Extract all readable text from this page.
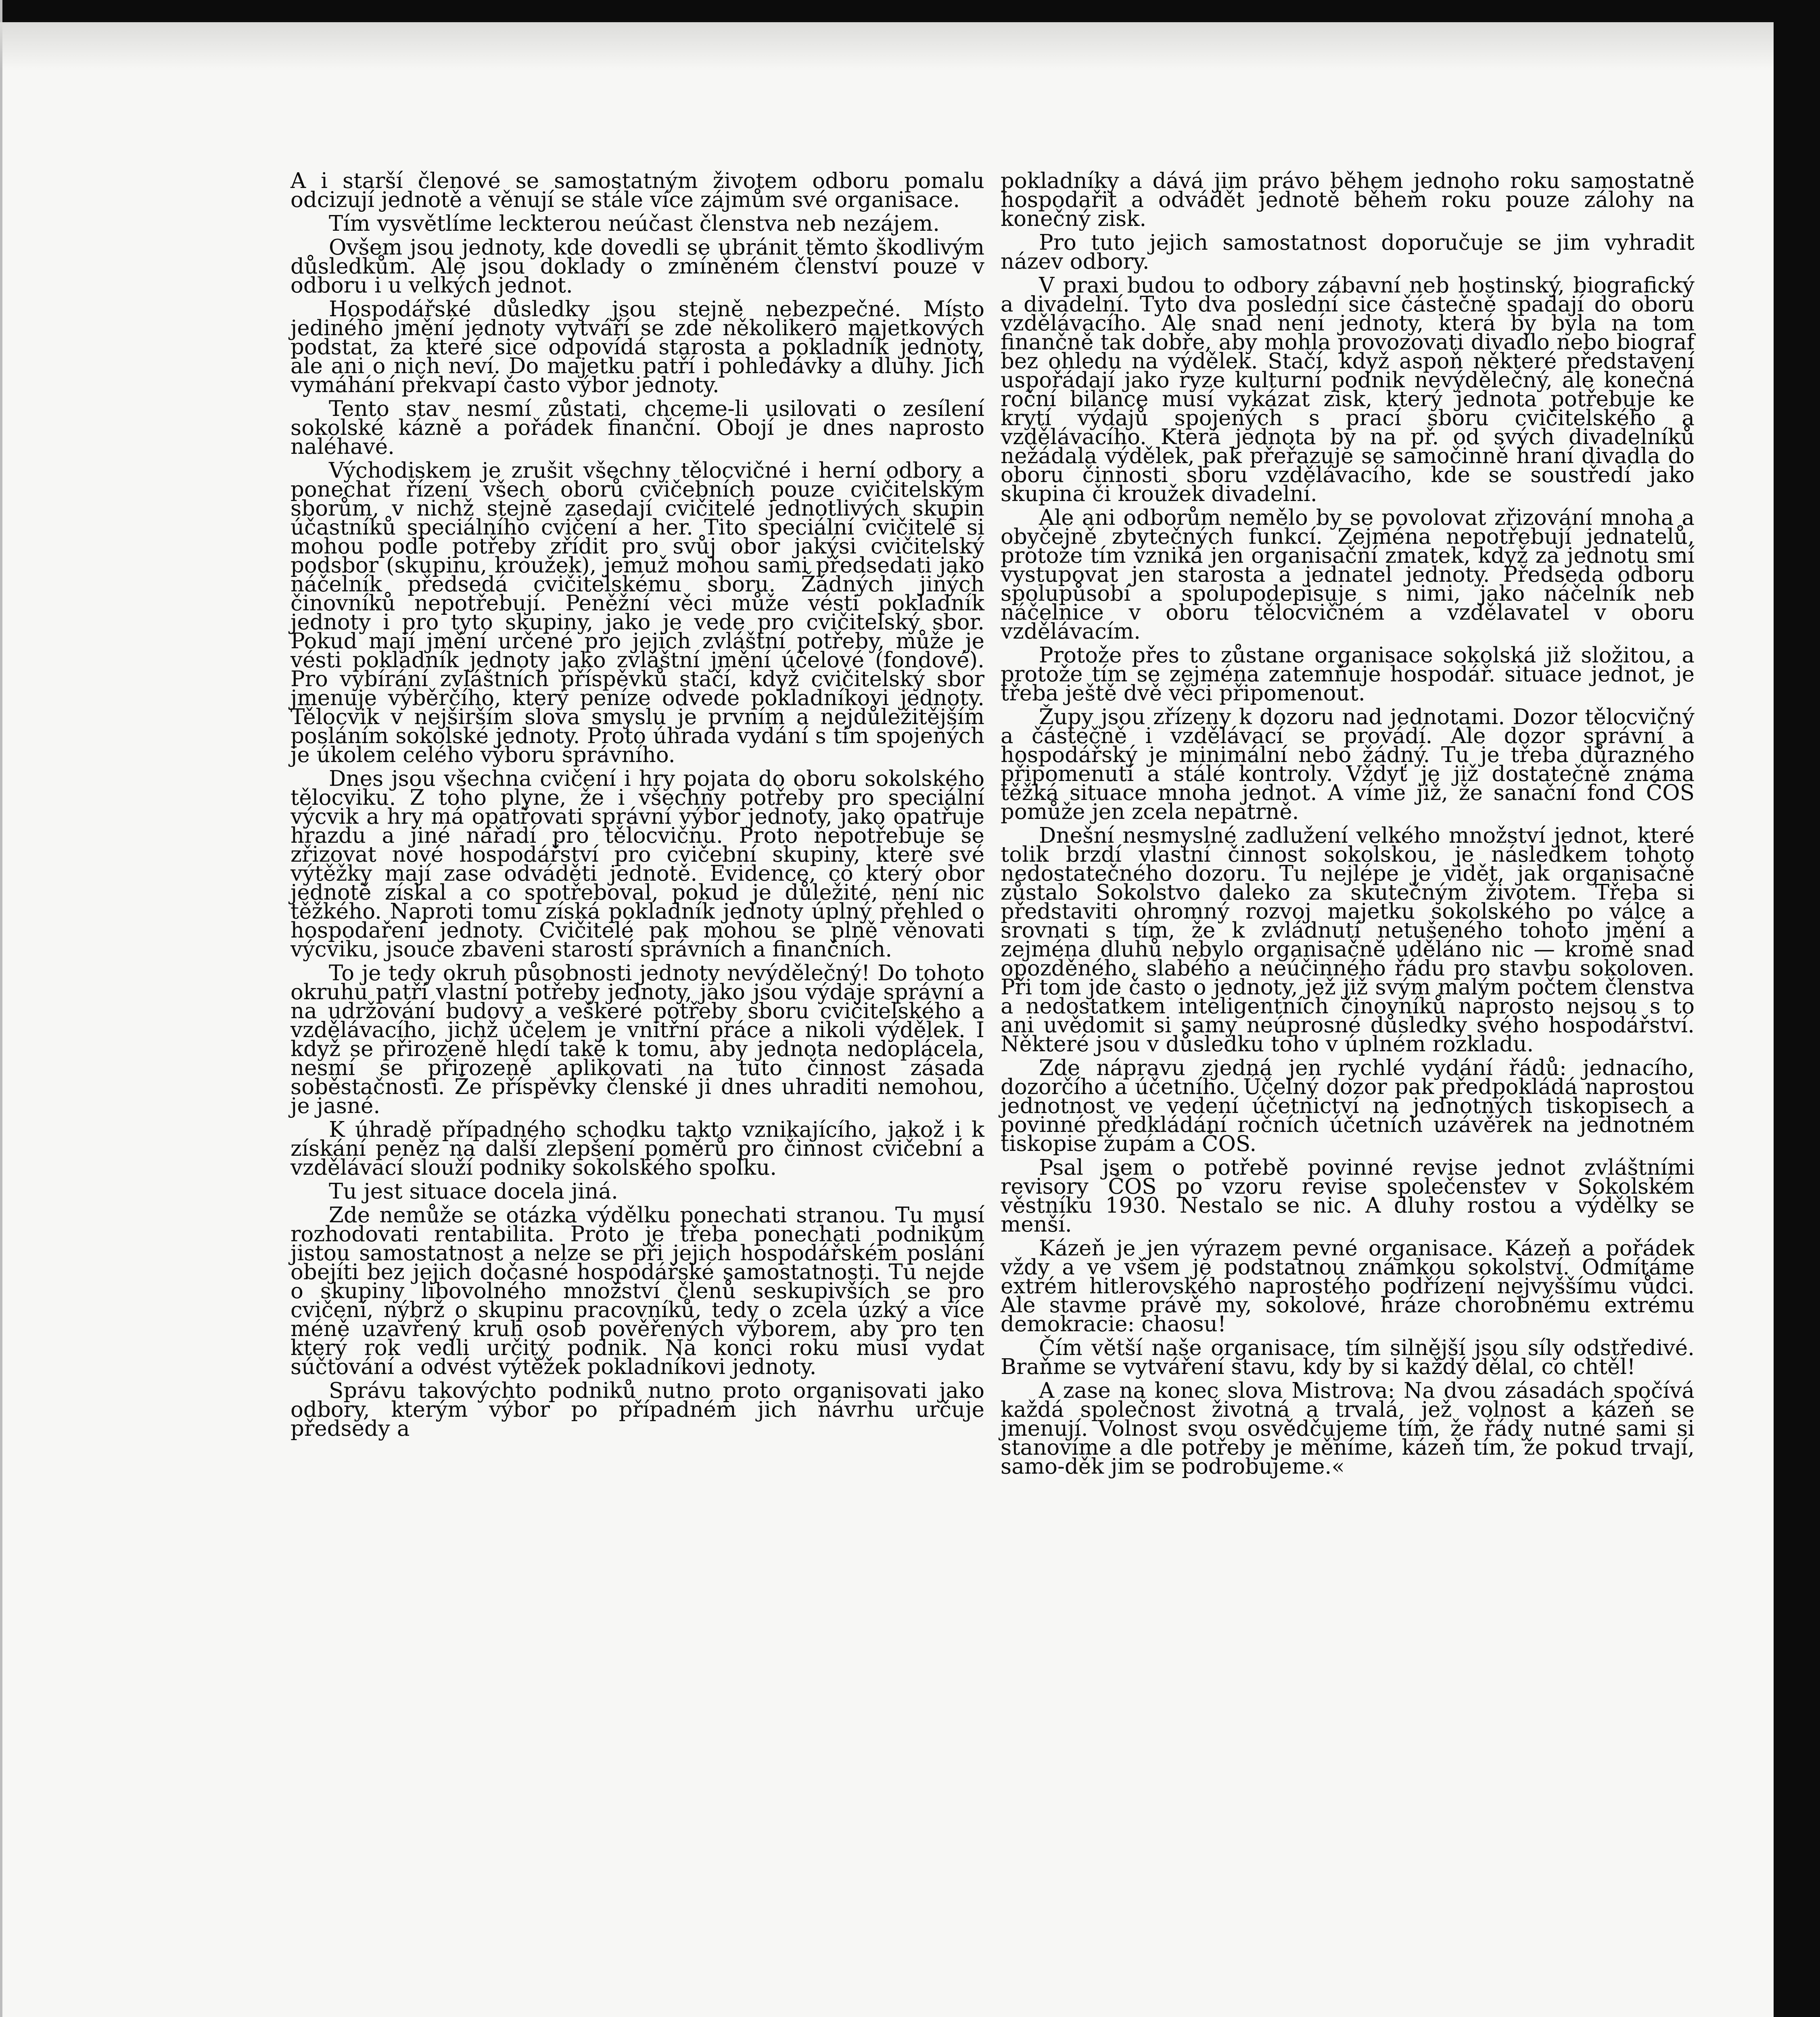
A i starší členové se samostatným životem odboru pomalu odcizují jednotě a věnují se stále více zájmům své organisace.

Tím vysvětlíme leckterou neúčast členstva neb nezájem.

Ovšem jsou jednoty, kde dovedli se ubránit těmto škodlivým důsledkům. Ale jsou doklady o zmíněném členství pouze v odboru i u velkých jednot.

Hospodářské důsledky jsou stejně nebezpečné. Místo jediného jmění jednoty vytváří se zde několikero majetkových podstat, za které sice odpovídá starosta a pokladník jednoty, ale ani o nich neví. Do majetku patří i pohledávky a dluhy. Jich vymáhání překvapí často výbor jednoty.

Tento stav nesmí zůstati, chceme-li usilovati o zesílení sokolské kázně a pořádek finanční. Obojí je dnes naprosto naléhavé.

Východiskem je zrušit všechny tělocvičné i herní odbory a ponechat řízení všech oborů cvičebních pouze cvičitelským sborům, v nichž stejně zasedají cvičitelé jednotlivých skupin účastníků speciálního cvičení a her. Tito speciální cvičitelé si mohou podle potřeby zřídit pro svůj obor jakýsi cvičitelský podsbor (skupinu, kroužek), jemuž mohou sami předsedati jako náčelník předsedá cvičitelskému sboru. Žádných jiných činovníků nepotřebují. Peněžní věci může vésti pokladník jednoty i pro tyto skupiny, jako je vede pro cvičitelský sbor. Pokud mají jmění určené pro jejich zvláštní potřeby, může je vésti pokladník jednoty jako zvláštní jmění účelové (fondové). Pro vybírání zvláštních příspěvků stačí, když cvičitelský sbor jmenuje výběrčího, který peníze odvede pokladníkovi jednoty. Tělocvik v nejširším slova smyslu je prvním a nejdůležitějším posláním sokolské jednoty. Proto úhrada vydání s tím spojených je úkolem celého výboru správního.

Dnes jsou všechna cvičení i hry pojata do oboru sokolského tělocviku. Z toho plyne, že i všechny potřeby pro speciální výcvik a hry má opatřovati správní výbor jednoty, jako opatřuje hrazdu a jiné nářadí pro tělocvičnu. Proto nepotřebuje se zřizovat nové hospodářství pro cvičební skupiny, které své výtěžky mají zase odváděti jednotě. Evidence, co který obor jednotě získal a co spotřeboval, pokud je důležité, není nic těžkého. Naproti tomu získá pokladník jednoty úplný přehled o hospodaření jednoty. Cvičitelé pak mohou se plně věnovati výcviku, jsouce zbaveni starostí správních a finančních.

To je tedy okruh působnosti jednoty nevýdělečný! Do tohoto okruhu patří vlastní potřeby jednoty, jako jsou výdaje správní a na udržování budovy a veškeré potřeby sboru cvičitelského a vzdělávacího, jichž účelem je vnitřní práce a nikoli výdělek. I když se přirozeně hledí také k tomu, aby jednota nedoplácela, nesmí se přirozeně aplikovati na tuto činnost zásada soběstačnosti. Že příspěvky členské ji dnes uhraditi nemohou, je jasné.

K úhradě případného schodku takto vznikajícího, jakož i k získání peněz na další zlepšení poměrů pro činnost cvičební a vzdělávací slouží podniky sokolského spolku.

Tu jest situace docela jiná.

Zde nemůže se otázka výdělku ponechati stranou. Tu musí rozhodovati rentabilita. Proto je třeba ponechati podnikům jistou samostatnost a nelze se při jejich hospodářském poslání obejíti bez jejich dočasné hospodářské samostatnosti. Tu nejde o skupiny libovolného množství členů seskupivších se pro cvičení, nýbrž o skupinu pracovníků, tedy o zcela úzký a více méně uzavřený kruh osob pověřených výborem, aby pro ten který rok vedli určitý podnik. Na konci roku musí vydat súčtování a odvést výtěžek pokladníkovi jednoty.

Správu takovýchto podniků nutno proto organisovati jako odbory, kterým výbor po případném jich návrhu určuje předsedy a

pokladníky a dává jim právo během jednoho roku samostatně hospodařit a odvádět jednotě během roku pouze zálohy na konečný zisk.

Pro tuto jejich samostatnost doporučuje se jim vyhradit název odbory.

V praxi budou to odbory zábavní neb hostinský, biografický a divadelní. Tyto dva poslední sice částečně spadají do oboru vzdělávacího. Ale snad není jednoty, která by byla na tom finančně tak dobře, aby mohla provozovati divadlo nebo biograf bez ohledu na výdělek. Stačí, když aspoň některé představení uspořádají jako ryze kulturní podnik nevýdělečný, ale konečná roční bilance musí vykázat zisk, který jednota potřebuje ke krytí výdajů spojených s prací sboru cvičitelského a vzdělávacího. Která jednota by na př. od svých divadelníků nežádala výdělek, pak přeřazuje se samočinně hraní divadla do oboru činnosti sboru vzdělávacího, kde se soustředí jako skupina či kroužek divadelní.

Ale ani odborům nemělo by se povolovat zřizování mnoha a obyčejně zbytečných funkcí. Zejména nepotřebují jednatelů, protože tím vzniká jen organisační zmatek, když za jednotu smí vystupovat jen starosta a jednatel jednoty. Předseda odboru spolupůsobí a spolupodepisuje s nimi, jako náčelník neb náčelnice v oboru tělocvičném a vzdělavatel v oboru vzdělávacím.

Protože přes to zůstane organisace sokolská již složitou, a protože tím se zejména zatemňuje hospodář. situace jednot, je třeba ještě dvě věci připomenout.

Župy jsou zřízeny k dozoru nad jednotami. Dozor tělocvičný a částečně i vzdělávací se provádí. Ale dozor správní a hospodářský je minimální nebo žádný. Tu je třeba důrazného připomenutí a stálé kontroly. Vždyť je již dostatečně známa těžká situace mnoha jednot. A víme již, že sanační fond ČOS pomůže jen zcela nepatrně.

Dnešní nesmyslné zadlužení velkého množství jednot, které tolik brzdí vlastní činnost sokolskou, je následkem tohoto nedostatečného dozoru. Tu nejlépe je vidět, jak organisačně zůstalo Sokolstvo daleko za skutečným životem. Třeba si představiti ohromný rozvoj majetku sokolského po válce a srovnati s tím, že k zvládnutí netušeného tohoto jmění a zejména dluhů nebylo organisačně uděláno nic — kromě snad opozděného, slabého a neúčinného řádu pro stavbu sokoloven. Při tom jde často o jednoty, jež již svým malým počtem členstva a nedostatkem inteligentních činovníků naprosto nejsou s to ani uvědomit si samy neúprosné důsledky svého hospodářství. Některé jsou v důsledku toho v úplném rozkladu.

Zde nápravu zjedná jen rychlé vydání řádů: jednacího, dozorčího a účetního. Účelný dozor pak předpokládá naprostou jednotnost ve vedení účetnictví na jednotných tiskopisech a povinné předkládání ročních účetních uzávěrek na jednotném tiskopise župám a ČOS.

Psal jsem o potřebě povinné revise jednot zvláštními revisory ČOS po vzoru revise společenstev v Sokolském věstníku 1930. Nestalo se nic. A dluhy rostou a výdělky se menší.

Kázeň je jen výrazem pevné organisace. Kázeň a pořádek vždy a ve všem je podstatnou známkou sokolství. Odmítáme extrém hitlerovského naprostého podřízení nejvyššímu vůdci. Ale stavme právě my, sokolové, hráze chorobnému extrému demokracie: chaosu!

Čím větší naše organisace, tím silnější jsou síly odstředivé. Braňme se vytváření stavu, kdy by si každý dělal, co chtěl!

A zase na konec slova Mistrova: Na dvou zásadách spočívá každá společnost životná a trvalá, jež volnost a kázeň se jmenují. Volnost svou osvědčujeme tím, že řády nutné sami si stanovíme a dle potřeby je měníme, kázeň tím, že pokud trvají, samo-děk jim se podrobujeme.«
